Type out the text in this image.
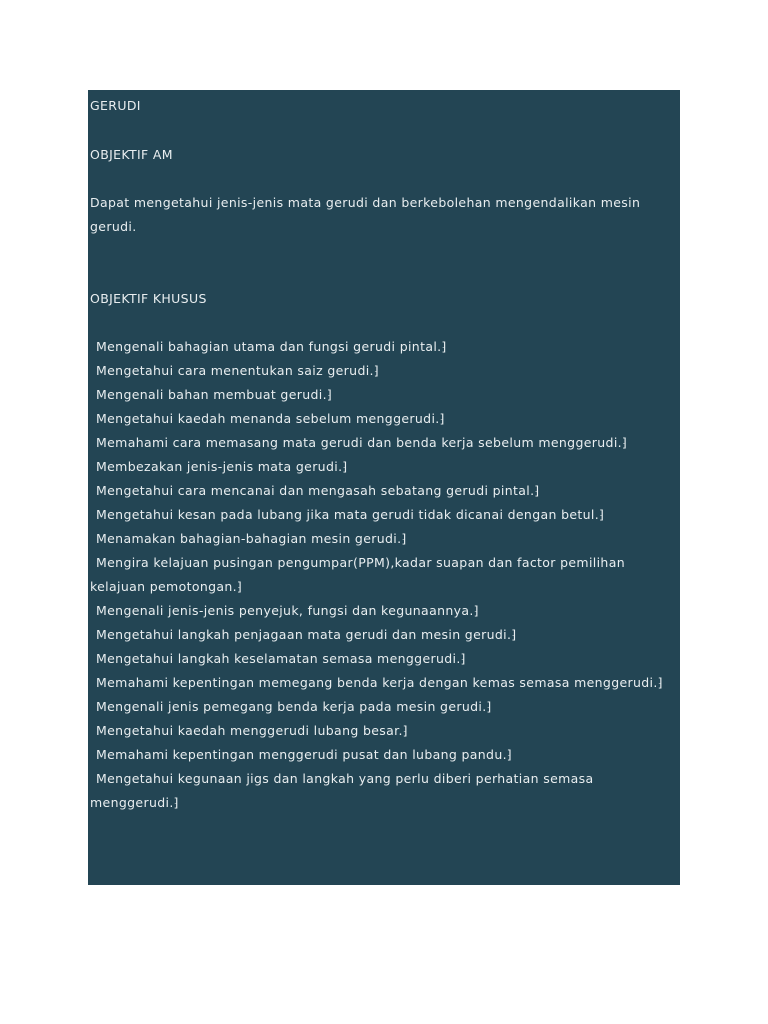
GERUDI

OBJEKTIF AM

Dapat mengetahui jenis-jenis mata gerudi dan berkebolehan mengendalikan mesin gerudi.

OBJEKTIF KHUSUS

Mengenali bahagian utama dan fungsi gerudi pintal.⁆
Mengetahui cara menentukan saiz gerudi.⁆
Mengenali bahan membuat gerudi.⁆
Mengetahui kaedah menanda sebelum menggerudi.⁆
Memahami cara memasang mata gerudi dan benda kerja sebelum menggerudi.⁆
Membezakan jenis-jenis mata gerudi.⁆
Mengetahui cara mencanai dan mengasah sebatang gerudi pintal.⁆
Mengetahui kesan pada lubang jika mata gerudi tidak dicanai dengan betul.⁆
Menamakan bahagian-bahagian mesin gerudi.⁆
Mengira kelajuan pusingan pengumpar(PPM),kadar suapan dan factor pemilihan kelajuan pemotongan.⁆
Mengenali jenis-jenis penyejuk, fungsi dan kegunaannya.⁆
Mengetahui langkah penjagaan mata gerudi dan mesin gerudi.⁆
Mengetahui langkah keselamatan semasa menggerudi.⁆
Memahami kepentingan memegang benda kerja dengan kemas semasa menggerudi.⁆
Mengenali jenis pemegang benda kerja pada mesin gerudi.⁆
Mengetahui kaedah menggerudi lubang besar.⁆
Memahami kepentingan menggerudi pusat dan lubang pandu.⁆
Mengetahui kegunaan jigs dan langkah yang perlu diberi perhatian semasa menggerudi.⁆
